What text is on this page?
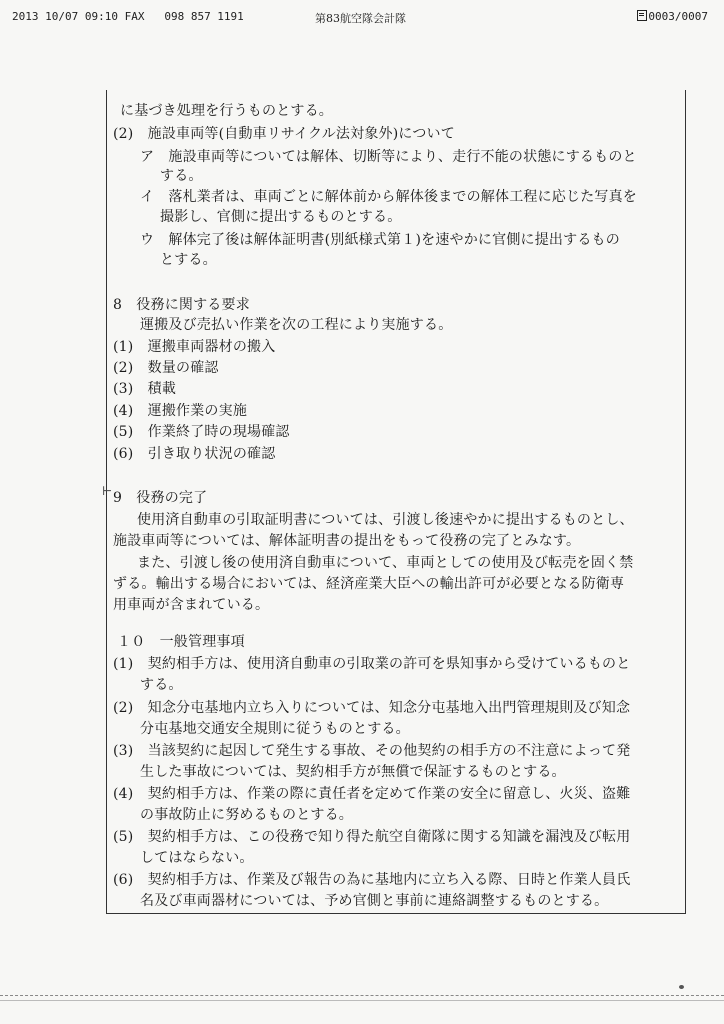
2013 10/07 09:10 FAX 098 857 1191	第83航空隊会計隊	0003/0007
⊢
に基づき処理を行うものとする。
(2)　施設車両等(自動車リサイクル法対象外)について
ア　施設車両等については解体、切断等により、走行不能の状態にするものと
する。
イ　落札業者は、車両ごとに解体前から解体後までの解体工程に応じた写真を
撮影し、官側に提出するものとする。
ウ　解体完了後は解体証明書(別紙様式第１)を速やかに官側に提出するもの
とする。
8　役務に関する要求
運搬及び売払い作業を次の工程により実施する。
(1)　運搬車両器材の搬入
(2)　数量の確認
(3)　積載
(4)　運搬作業の実施
(5)　作業終了時の現場確認
(6)　引き取り状況の確認
9　役務の完了
使用済自動車の引取証明書については、引渡し後速やかに提出するものとし、
施設車両等については、解体証明書の提出をもって役務の完了とみなす。
また、引渡し後の使用済自動車について、車両としての使用及び転売を固く禁
ずる。輸出する場合においては、経済産業大臣への輸出許可が必要となる防衛専
用車両が含まれている。
１０　一般管理事項
(1)　契約相手方は、使用済自動車の引取業の許可を県知事から受けているものと
する。
(2)　知念分屯基地内立ち入りについては、知念分屯基地入出門管理規則及び知念
分屯基地交通安全規則に従うものとする。
(3)　当該契約に起因して発生する事故、その他契約の相手方の不注意によって発
生した事故については、契約相手方が無償で保証するものとする。
(4)　契約相手方は、作業の際に責任者を定めて作業の安全に留意し、火災、盗難
の事故防止に努めるものとする。
(5)　契約相手方は、この役務で知り得た航空自衛隊に関する知識を漏洩及び転用
してはならない。
(6)　契約相手方は、作業及び報告の為に基地内に立ち入る際、日時と作業人員氏
名及び車両器材については、予め官側と事前に連絡調整するものとする。
